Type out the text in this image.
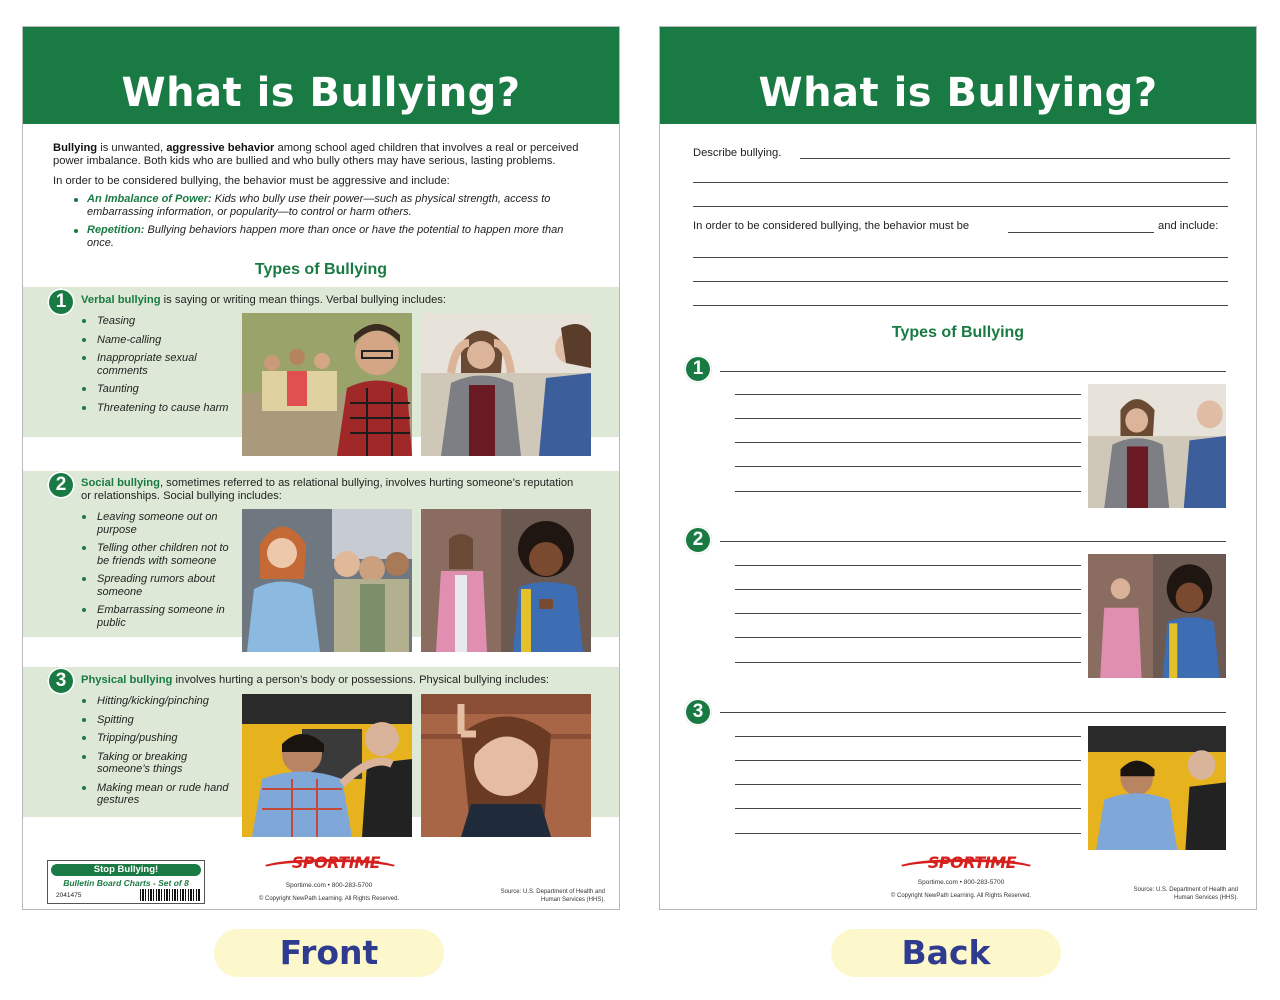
What is Bullying?
Bullying is unwanted, aggressive behavior among school aged children that involves a real or perceived power imbalance. Both kids who are bullied and who bully others may have serious, lasting problems.
In order to be considered bullying, the behavior must be aggressive and include:
An Imbalance of Power: Kids who bully use their power—such as physical strength, access to embarrassing information, or popularity—to control or harm others.
Repetition: Bullying behaviors happen more than once or have the potential to happen more than once.
Types of Bullying
1	Verbal bullying is saying or writing mean things. Verbal bullying includes:
Teasing
Name-calling
Inappropriate sexual comments
Taunting
Threatening to cause harm
2	Social bullying, sometimes referred to as relational bullying, involves hurting someone’s reputation or relationships. Social bullying includes:
Leaving someone out on purpose
Telling other children not to be friends with someone
Spreading rumors about someone
Embarrassing someone in public
3	Physical bullying involves hurting a person’s body or possessions. Physical bullying includes:
Hitting/kicking/pinching
Spitting
Tripping/pushing
Taking or breaking someone’s things
Making mean or rude hand gestures
Stop Bullying!
Bulletin Board Charts - Set of 8
2041475
SPORTIME
Sportime.com • 800-283-5700
© Copyright NewPath Learning. All Rights Reserved.
Source: U.S. Department of Health and Human Services (HHS).
What is Bullying?
Describe bullying.
In order to be considered bullying, the behavior must be	and include:
Types of Bullying
1
2
3
SPORTIME
Sportime.com • 800-283-5700
© Copyright NewPath Learning. All Rights Reserved.
Source: U.S. Department of Health and Human Services (HHS).
Front	Back
